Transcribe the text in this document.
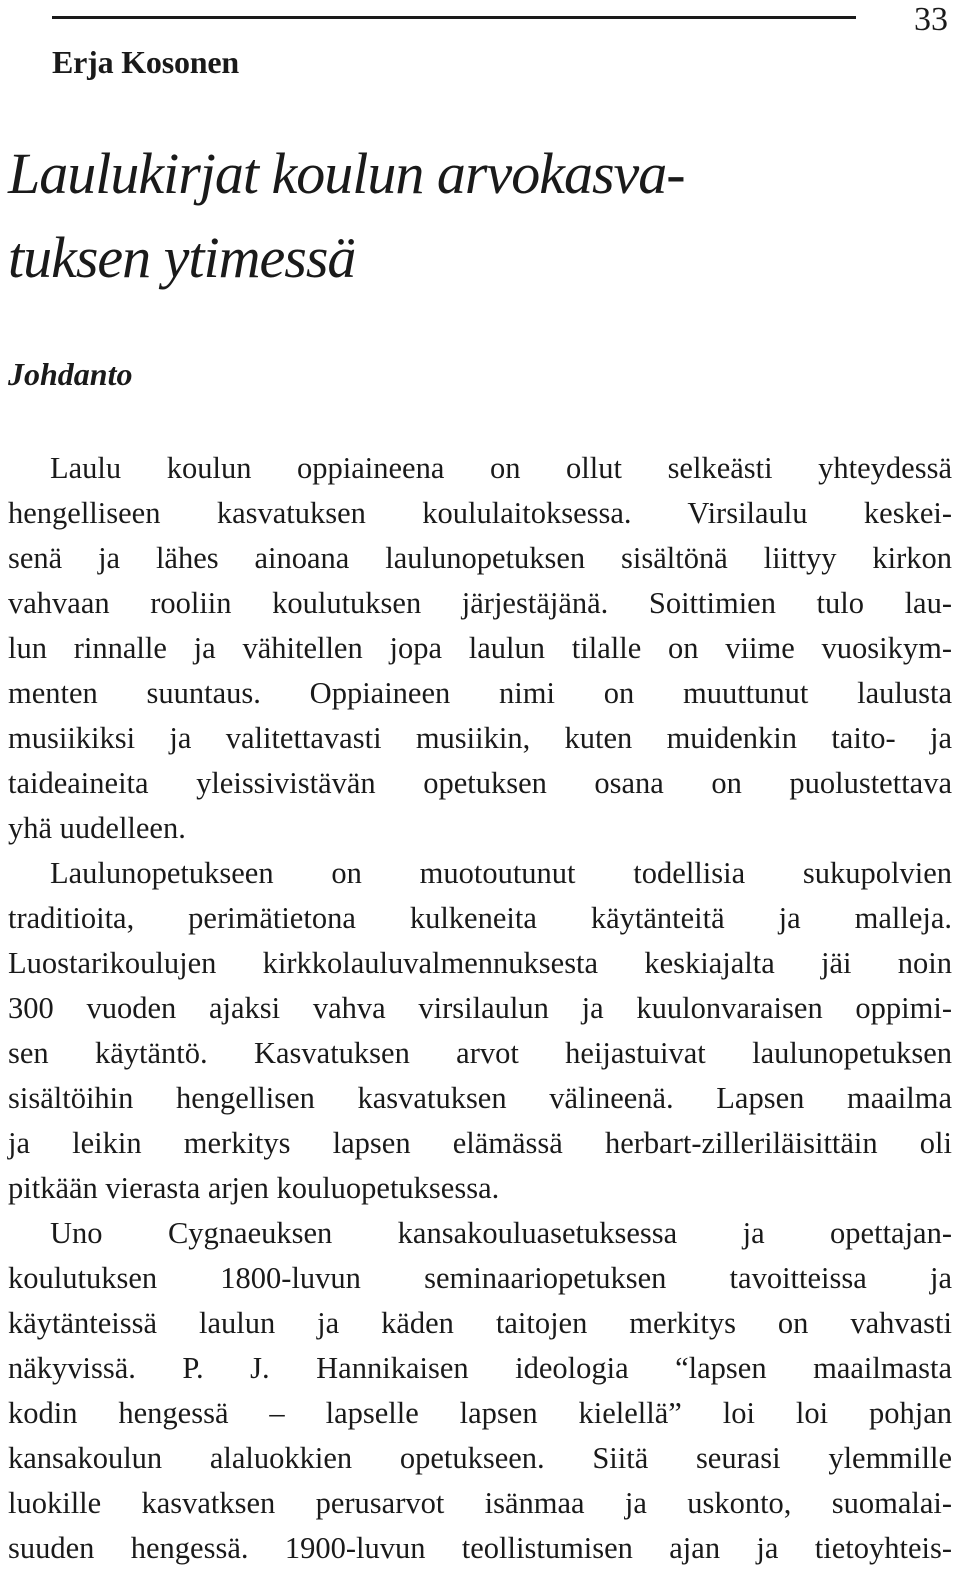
33
Erja Kosonen
Laulukirjat koulun arvokasva-
tuksen ytimessä
Johdanto
Laulu koulun oppiaineena on ollut selkeästi yhteydessä
hengelliseen kasvatuksen koululaitoksessa. Virsilaulu keskei-
senä ja lähes ainoana laulunopetuksen sisältönä liittyy kirkon
vahvaan rooliin koulutuksen järjestäjänä. Soittimien tulo lau-
lun rinnalle ja vähitellen jopa laulun tilalle on viime vuosikym-
menten suuntaus. Oppiaineen nimi on muuttunut laulusta
musiikiksi ja valitettavasti musiikin, kuten muidenkin taito- ja
taideaineita yleissivistävän opetuksen osana on puolustettava
yhä uudelleen.
Laulunopetukseen on muotoutunut todellisia sukupolvien
traditioita, perimätietona kulkeneita käytänteitä ja malleja.
Luostarikoulujen kirkkolauluvalmennuksesta keskiajalta jäi noin
300 vuoden ajaksi vahva virsilaulun ja kuulonvaraisen oppimi-
sen käytäntö. Kasvatuksen arvot heijastuivat laulunopetuksen
sisältöihin hengellisen kasvatuksen välineenä. Lapsen maailma
ja leikin merkitys lapsen elämässä herbart-zilleriläisittäin oli
pitkään vierasta arjen kouluopetuksessa.
Uno Cygnaeuksen kansakouluasetuksessa ja opettajan-
koulutuksen 1800-luvun seminaariopetuksen tavoitteissa ja
käytänteissä laulun ja käden taitojen merkitys on vahvasti
näkyvissä. P. J. Hannikaisen ideologia “lapsen maailmasta
kodin hengessä – lapselle lapsen kielellä” loi loi pohjan
kansakoulun alaluokkien opetukseen. Siitä seurasi ylemmille
luokille kasvatksen perusarvot isänmaa ja uskonto, suomalai-
suuden hengessä. 1900-luvun teollistumisen ajan ja tietoyhteis-
